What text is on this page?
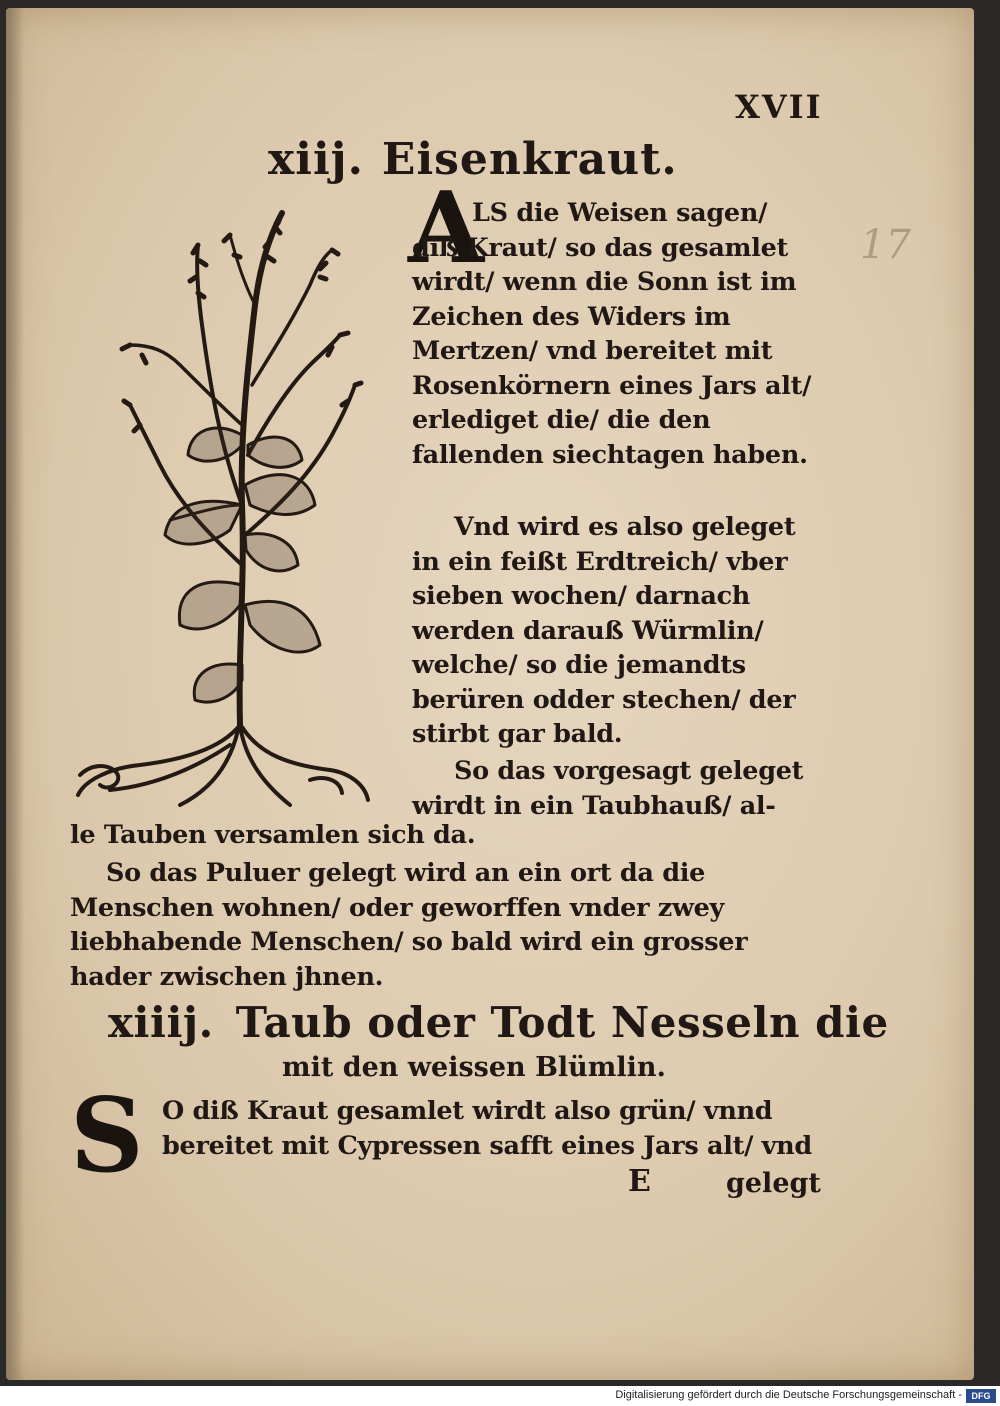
XVII
17
xiij. Eisenkraut.
A
LS die Weisen sagen/ diß Kraut/ so das gesamlet wirdt/ wenn die Sonn ist im Zeichen des Widers im Mertzen/ vnd bereitet mit Rosenkörnern eines Jars alt/ erlediget die/ die den fallenden siechtagen haben.
Vnd wird es also geleget in ein feißt Erdtreich/ vber sieben wochen/ darnach werden darauß Würmlin/ welche/ so die jemandts berüren odder stechen/ der stirbt gar bald.
So das vorgesagt geleget wirdt in ein Taubhauß/ al-
le Tauben versamlen sich da.
So das Puluer gelegt wird an ein ort da die Menschen wohnen/ oder geworffen vnder zwey liebhabende Menschen/ so bald wird ein grosser hader zwischen jhnen.
xiiij. Taub oder Todt Nesseln die
mit den weissen Blümlin.
S O diß Kraut gesamlet wirdt also grün/ vnnd bereitet mit Cypressen safft eines Jars alt/ vnd
E	gelegt
Digitalisierung gefördert durch die Deutsche Forschungsgemeinschaft -	DFG
